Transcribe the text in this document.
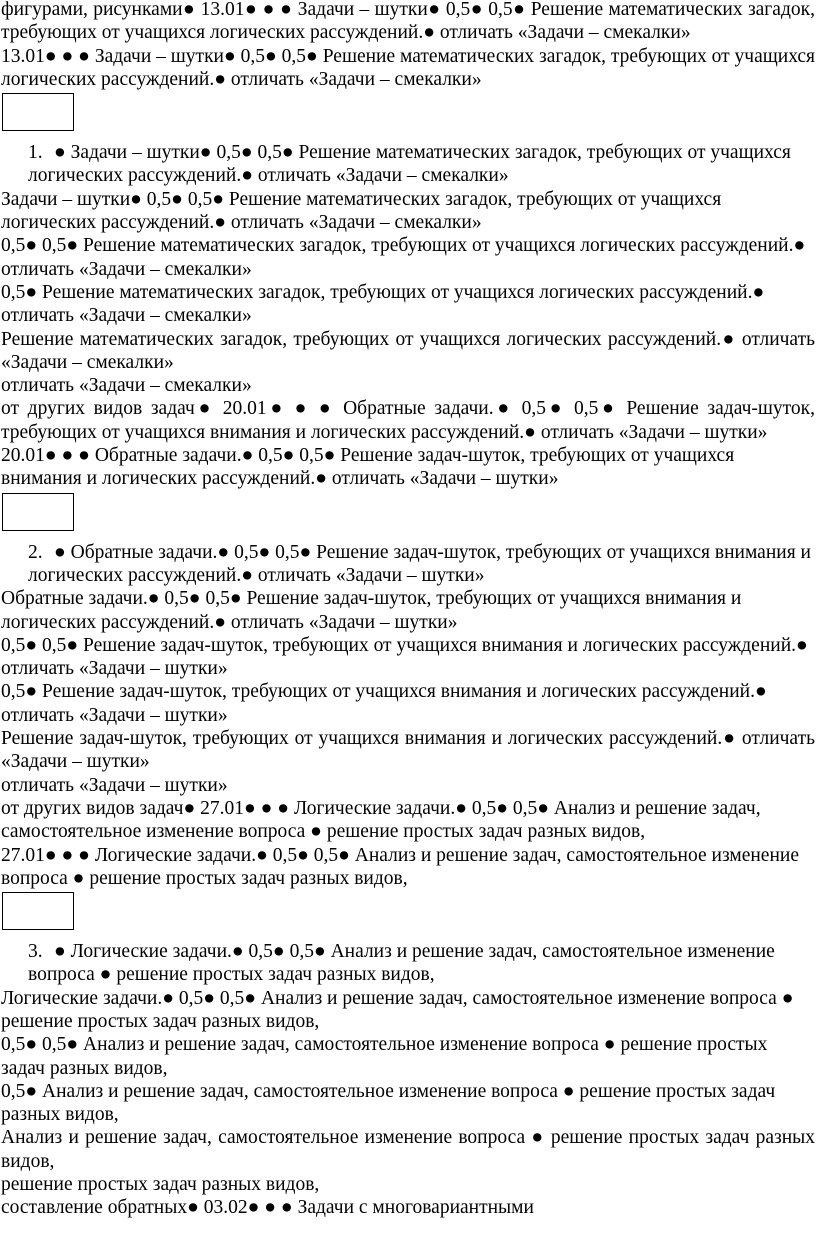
фигурами, рисунками● 13.01● ● ● Задачи – шутки● 0,5● 0,5● Решение математических загадок, требующих от учащихся логических рассуждений.● отличать «Задачи – смекалки»

13.01● ● ● Задачи – шутки● 0,5● 0,5● Решение математических загадок, требующих от учащихся логических рассуждений.● отличать «Задачи – смекалки»

1. ● Задачи – шутки● 0,5● 0,5● Решение математических загадок, требующих от учащихся логических рассуждений.● отличать «Задачи – смекалки»

Задачи – шутки● 0,5● 0,5● Решение математических загадок, требующих от учащихся логических рассуждений.● отличать «Задачи – смекалки»

0,5● 0,5● Решение математических загадок, требующих от учащихся логических рассуждений.● отличать «Задачи – смекалки»

0,5● Решение математических загадок, требующих от учащихся логических рассуждений.● отличать «Задачи – смекалки»

Решение математических загадок, требующих от учащихся логических рассуждений.● отличать «Задачи – смекалки»

отличать «Задачи – смекалки»

от других видов задач● 20.01● ● ● Обратные задачи.● 0,5● 0,5● Решение задач-шуток, требующих от учащихся внимания и логических рассуждений.● отличать «Задачи – шутки»

20.01● ● ● Обратные задачи.● 0,5● 0,5● Решение задач-шуток, требующих от учащихся внимания и логических рассуждений.● отличать «Задачи – шутки»

2. ● Обратные задачи.● 0,5● 0,5● Решение задач-шуток, требующих от учащихся внимания и логических рассуждений.● отличать «Задачи – шутки»

Обратные задачи.● 0,5● 0,5● Решение задач-шуток, требующих от учащихся внимания и логических рассуждений.● отличать «Задачи – шутки»

0,5● 0,5● Решение задач-шуток, требующих от учащихся внимания и логических рассуждений.● отличать «Задачи – шутки»

0,5● Решение задач-шуток, требующих от учащихся внимания и логических рассуждений.● отличать «Задачи – шутки»

Решение задач-шуток, требующих от учащихся внимания и логических рассуждений.● отличать «Задачи – шутки»

отличать «Задачи – шутки»

от других видов задач● 27.01● ● ● Логические задачи.● 0,5● 0,5● Анализ и решение задач, самостоятельное изменение вопроса ● решение простых задач разных видов,

27.01● ● ● Логические задачи.● 0,5● 0,5● Анализ и решение задач, самостоятельное изменение вопроса ● решение простых задач разных видов,

3. ● Логические задачи.● 0,5● 0,5● Анализ и решение задач, самостоятельное изменение вопроса ● решение простых задач разных видов,

Логические задачи.● 0,5● 0,5● Анализ и решение задач, самостоятельное изменение вопроса ● решение простых задач разных видов,

0,5● 0,5● Анализ и решение задач, самостоятельное изменение вопроса ● решение простых задач разных видов,

0,5● Анализ и решение задач, самостоятельное изменение вопроса ● решение простых задач разных видов,

Анализ и решение задач, самостоятельное изменение вопроса ● решение простых задач разных видов,

решение простых задач разных видов,

составление обратных● 03.02● ● ● Задачи с многовариантными
